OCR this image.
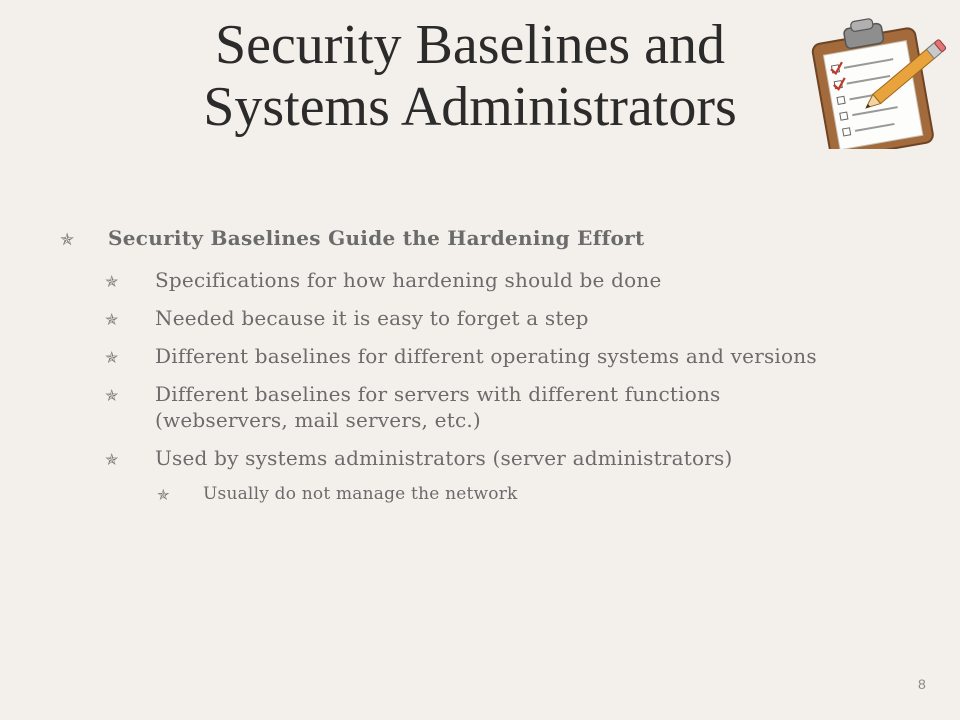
Security Baselines and
Systems Administrators
✯ Security Baselines Guide the Hardening Effort
✯ Specifications for how hardening should be done
✯ Needed because it is easy to forget a step
✯ Different baselines for different operating systems and versions
✯ Different baselines for servers with different functions
(webservers, mail servers, etc.)
✯ Used by systems administrators (server administrators)
✯ Usually do not manage the network
8
